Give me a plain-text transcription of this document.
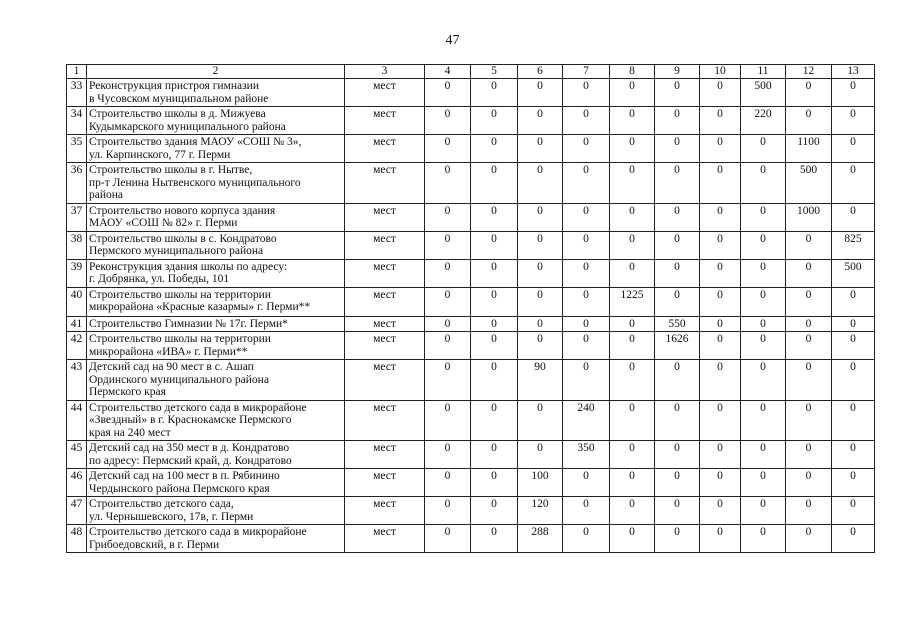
47
1	2	3	4	5	6	7	8	9	10	11	12	13
33	Реконструкция пристроя гимназии
в Чусовском муниципальном районе	мест	0	0	0	0	0	0	0	500	0	0
34	Строительство школы в д. Мижуева
Кудымкарского муниципального района	мест	0	0	0	0	0	0	0	220	0	0
35	Строительство здания МАОУ «СОШ № 3»,
ул. Карпинского, 77 г. Перми	мест	0	0	0	0	0	0	0	0	1100	0
36	Строительство школы в г. Нытве,
пр-т Ленина Нытвенского муниципального
района	мест	0	0	0	0	0	0	0	0	500	0
37	Строительство нового корпуса здания
МАОУ «СОШ № 82» г. Перми	мест	0	0	0	0	0	0	0	0	1000	0
38	Строительство школы в с. Кондратово
Пермского муниципального района	мест	0	0	0	0	0	0	0	0	0	825
39	Реконструкция здания школы по адресу:
г. Добрянка, ул. Победы, 101	мест	0	0	0	0	0	0	0	0	0	500
40	Строительство школы на территории
микрорайона «Красные казармы» г. Перми**	мест	0	0	0	0	1225	0	0	0	0	0
41	Строительство Гимназии № 17г. Перми*	мест	0	0	0	0	0	550	0	0	0	0
42	Строительство школы на территории
микрорайона «ИВА» г. Перми**	мест	0	0	0	0	0	1626	0	0	0	0
43	Детский сад на 90 мест в с. Ашап
Ординского муниципального района
Пермского края	мест	0	0	90	0	0	0	0	0	0	0
44	Строительство детского сада в микрорайоне
«Звездный» в г. Краснокамске Пермского
края на 240 мест	мест	0	0	0	240	0	0	0	0	0	0
45	Детский сад на 350 мест в д. Кондратово
по адресу: Пермский край, д. Кондратово	мест	0	0	0	350	0	0	0	0	0	0
46	Детский сад на 100 мест в п. Рябинино
Чердынского района Пермского края	мест	0	0	100	0	0	0	0	0	0	0
47	Строительство детского сада,
ул. Чернышевского, 17в, г. Перми	мест	0	0	120	0	0	0	0	0	0	0
48	Строительство детского сада в микрорайоне
Грибоедовский, в г. Перми	мест	0	0	288	0	0	0	0	0	0	0
